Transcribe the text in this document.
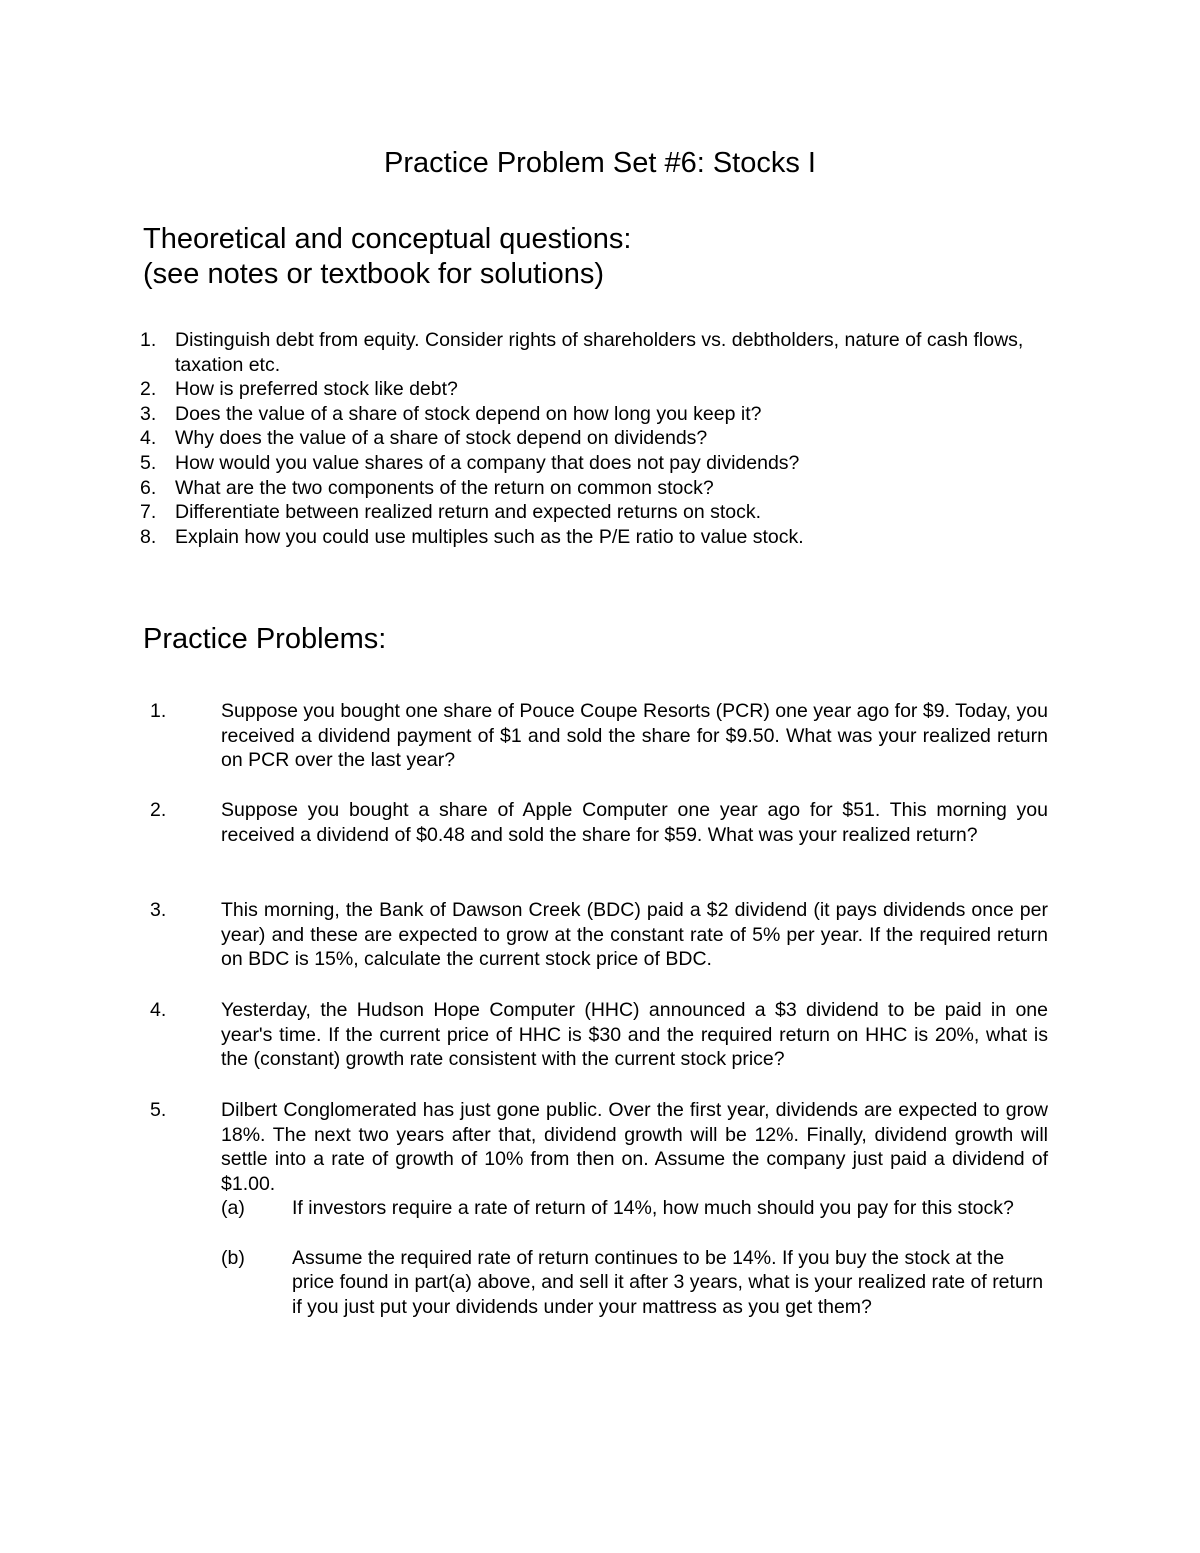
Practice Problem Set #6: Stocks I
Theoretical and conceptual questions:
(see notes or textbook for solutions)
1. Distinguish debt from equity. Consider rights of shareholders vs. debtholders, nature of cash flows, taxation etc.
2. How is preferred stock like debt?
3. Does the value of a share of stock depend on how long you keep it?
4. Why does the value of a share of stock depend on dividends?
5. How would you value shares of a company that does not pay dividends?
6. What are the two components of the return on common stock?
7. Differentiate between realized return and expected returns on stock.
8. Explain how you could use multiples such as the P/E ratio to value stock.
Practice Problems:
1.	Suppose you bought one share of Pouce Coupe Resorts (PCR) one year ago for $9. Today, you received a dividend payment of $1 and sold the share for $9.50. What was your realized return on PCR over the last year?
2.	Suppose you bought a share of Apple Computer one year ago for $51. This morning you received a dividend of $0.48 and sold the share for $59. What was your realized return?
3.	This morning, the Bank of Dawson Creek (BDC) paid a $2 dividend (it pays dividends once per year) and these are expected to grow at the constant rate of 5% per year. If the required return on BDC is 15%, calculate the current stock price of BDC.
4.	Yesterday, the Hudson Hope Computer (HHC) announced a $3 dividend to be paid in one year's time. If the current price of HHC is $30 and the required return on HHC is 20%, what is the (constant) growth rate consistent with the current stock price?
5.	Dilbert Conglomerated has just gone public. Over the first year, dividends are expected to grow 18%. The next two years after that, dividend growth will be 12%. Finally, dividend growth will settle into a rate of growth of 10% from then on. Assume the company just paid a dividend of $1.00.
(a) If investors require a rate of return of 14%, how much should you pay for this stock?
(b) Assume the required rate of return continues to be 14%. If you buy the stock at the price found in part(a) above, and sell it after 3 years, what is your realized rate of return if you just put your dividends under your mattress as you get them?
